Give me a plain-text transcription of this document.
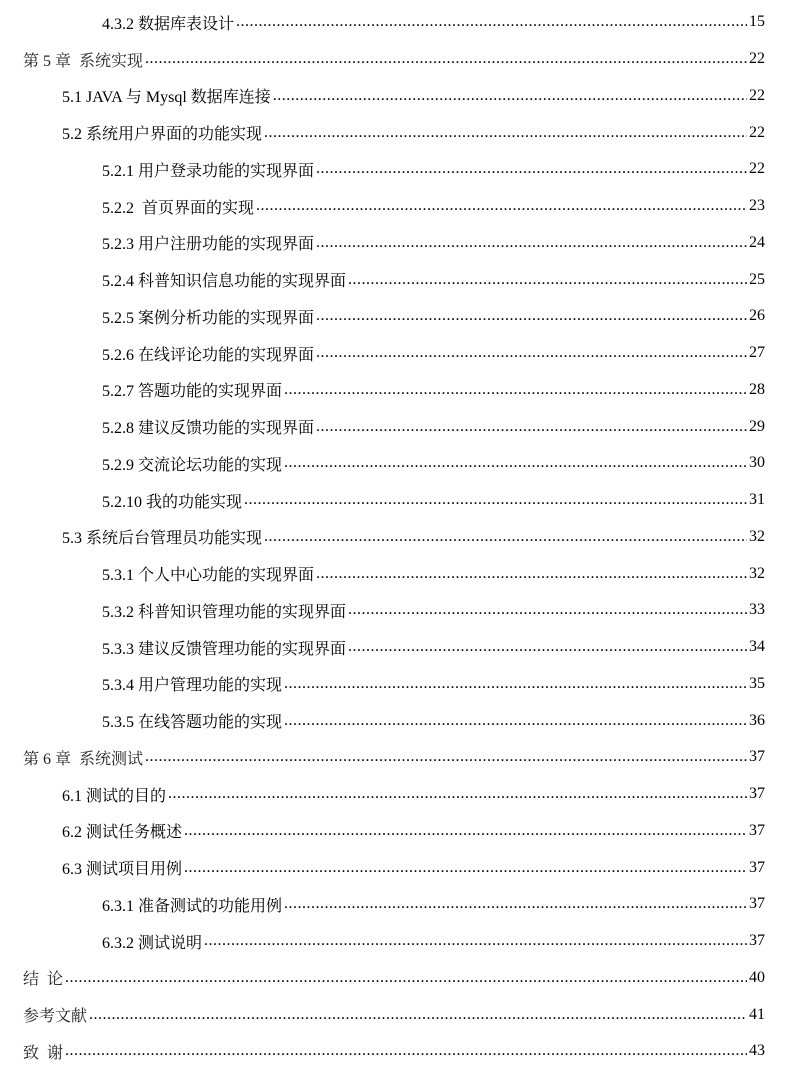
4.3.2 数据库表设计 .....	15
第 5 章  系统实现 .....	22
5.1 JAVA 与 Mysql 数据库连接 .....	22
5.2 系统用户界面的功能实现 .....	22
5.2.1 用户登录功能的实现界面 .....	22
5.2.2  首页界面的实现 .....	23
5.2.3 用户注册功能的实现界面 .....	24
5.2.4 科普知识信息功能的实现界面 .....	25
5.2.5 案例分析功能的实现界面 .....	26
5.2.6 在线评论功能的实现界面 .....	27
5.2.7 答题功能的实现界面 .....	28
5.2.8 建议反馈功能的实现界面 .....	29
5.2.9 交流论坛功能的实现 .....	30
5.2.10 我的功能实现 .....	31
5.3 系统后台管理员功能实现 .....	32
5.3.1 个人中心功能的实现界面 .....	32
5.3.2 科普知识管理功能的实现界面 .....	33
5.3.3 建议反馈管理功能的实现界面 .....	34
5.3.4 用户管理功能的实现 .....	35
5.3.5 在线答题功能的实现 .....	36
第 6 章  系统测试 .....	37
6.1 测试的目的 .....	37
6.2 测试任务概述 .....	37
6.3 测试项目用例 .....	37
6.3.1 准备测试的功能用例 .....	37
6.3.2 测试说明 .....	37
结  论 .....	40
参考文献 .....	41
致  谢 .....	43
